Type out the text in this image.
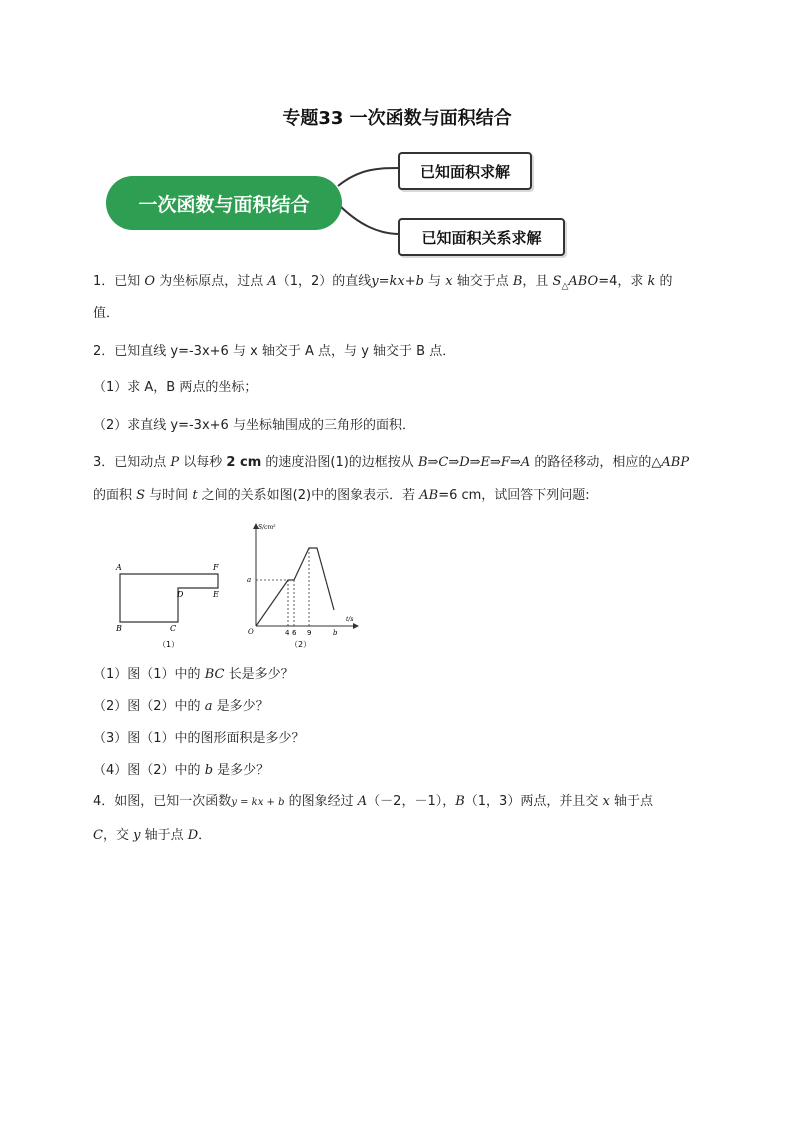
专题33 一次函数与面积结合
一次函数与面积结合
已知面积求解
已知面积关系求解
1．已知 O 为坐标原点，过点 A（1，2）的直线y=kx+b 与 x 轴交于点 B，且 $S_\triangle ABO=4$，求 k 的
值．
2．已知直线 y=-3x+6 与 x 轴交于 A 点，与 y 轴交于 B 点．
（1）求 A，B 两点的坐标；
（2）求直线 y=-3x+6 与坐标轴围成的三角形的面积．
3．已知动点 P 以每秒 2 cm 的速度沿图(1)的边框按从 B⇒C⇒D⇒E⇒F⇒A 的路径移动，相应的△ABP
的面积 S 与时间 t 之间的关系如图(2)中的图象表示．若 AB=6 cm，试回答下列问题:
A
B	C
D	E
F
（1）
S/cm²
t/s
O
a
4 6 9	b
（2）
（1）图（1）中的 BC 长是多少？
（2）图（2）中的 a 是多少？
（3）图（1）中的图形面积是多少？
（4）图（2）中的 b 是多少？
4．如图，已知一次函数y = kx + b 的图象经过 A（－2，－1），B（1，3）两点，并且交 x 轴于点
C，交 y 轴于点 D．
